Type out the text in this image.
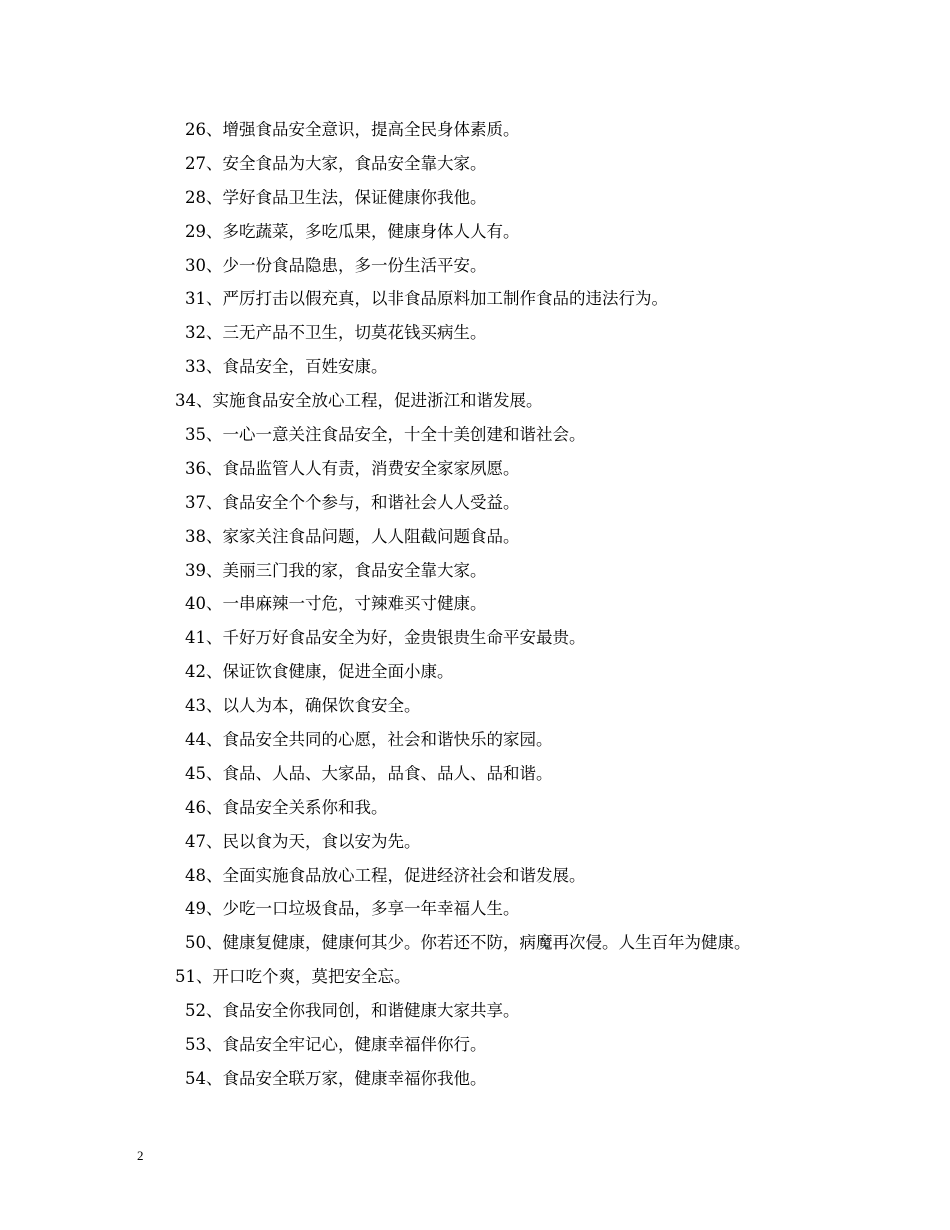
26、增强食品安全意识，提高全民身体素质。
27、安全食品为大家，食品安全靠大家。
28、学好食品卫生法，保证健康你我他。
29、多吃蔬菜，多吃瓜果，健康身体人人有。
30、少一份食品隐患，多一份生活平安。
31、严厉打击以假充真，以非食品原料加工制作食品的违法行为。
32、三无产品不卫生，切莫花钱买病生。
33、食品安全，百姓安康。
34、实施食品安全放心工程，促进浙江和谐发展。
35、一心一意关注食品安全，十全十美创建和谐社会。
36、食品监管人人有责，消费安全家家夙愿。
37、食品安全个个参与，和谐社会人人受益。
38、家家关注食品问题，人人阻截问题食品。
39、美丽三门我的家，食品安全靠大家。
40、一串麻辣一寸危，寸辣难买寸健康。
41、千好万好食品安全为好，金贵银贵生命平安最贵。
42、保证饮食健康，促进全面小康。
43、以人为本，确保饮食安全。
44、食品安全共同的心愿，社会和谐快乐的家园。
45、食品、人品、大家品，品食、品人、品和谐。
46、食品安全关系你和我。
47、民以食为天，食以安为先。
48、全面实施食品放心工程，促进经济社会和谐发展。
49、少吃一口垃圾食品，多享一年幸福人生。
50、健康复健康，健康何其少。你若还不防，病魔再次侵。人生百年为健康。
51、开口吃个爽，莫把安全忘。
52、食品安全你我同创，和谐健康大家共享。
53、食品安全牢记心，健康幸福伴你行。
54、食品安全联万家，健康幸福你我他。
2
